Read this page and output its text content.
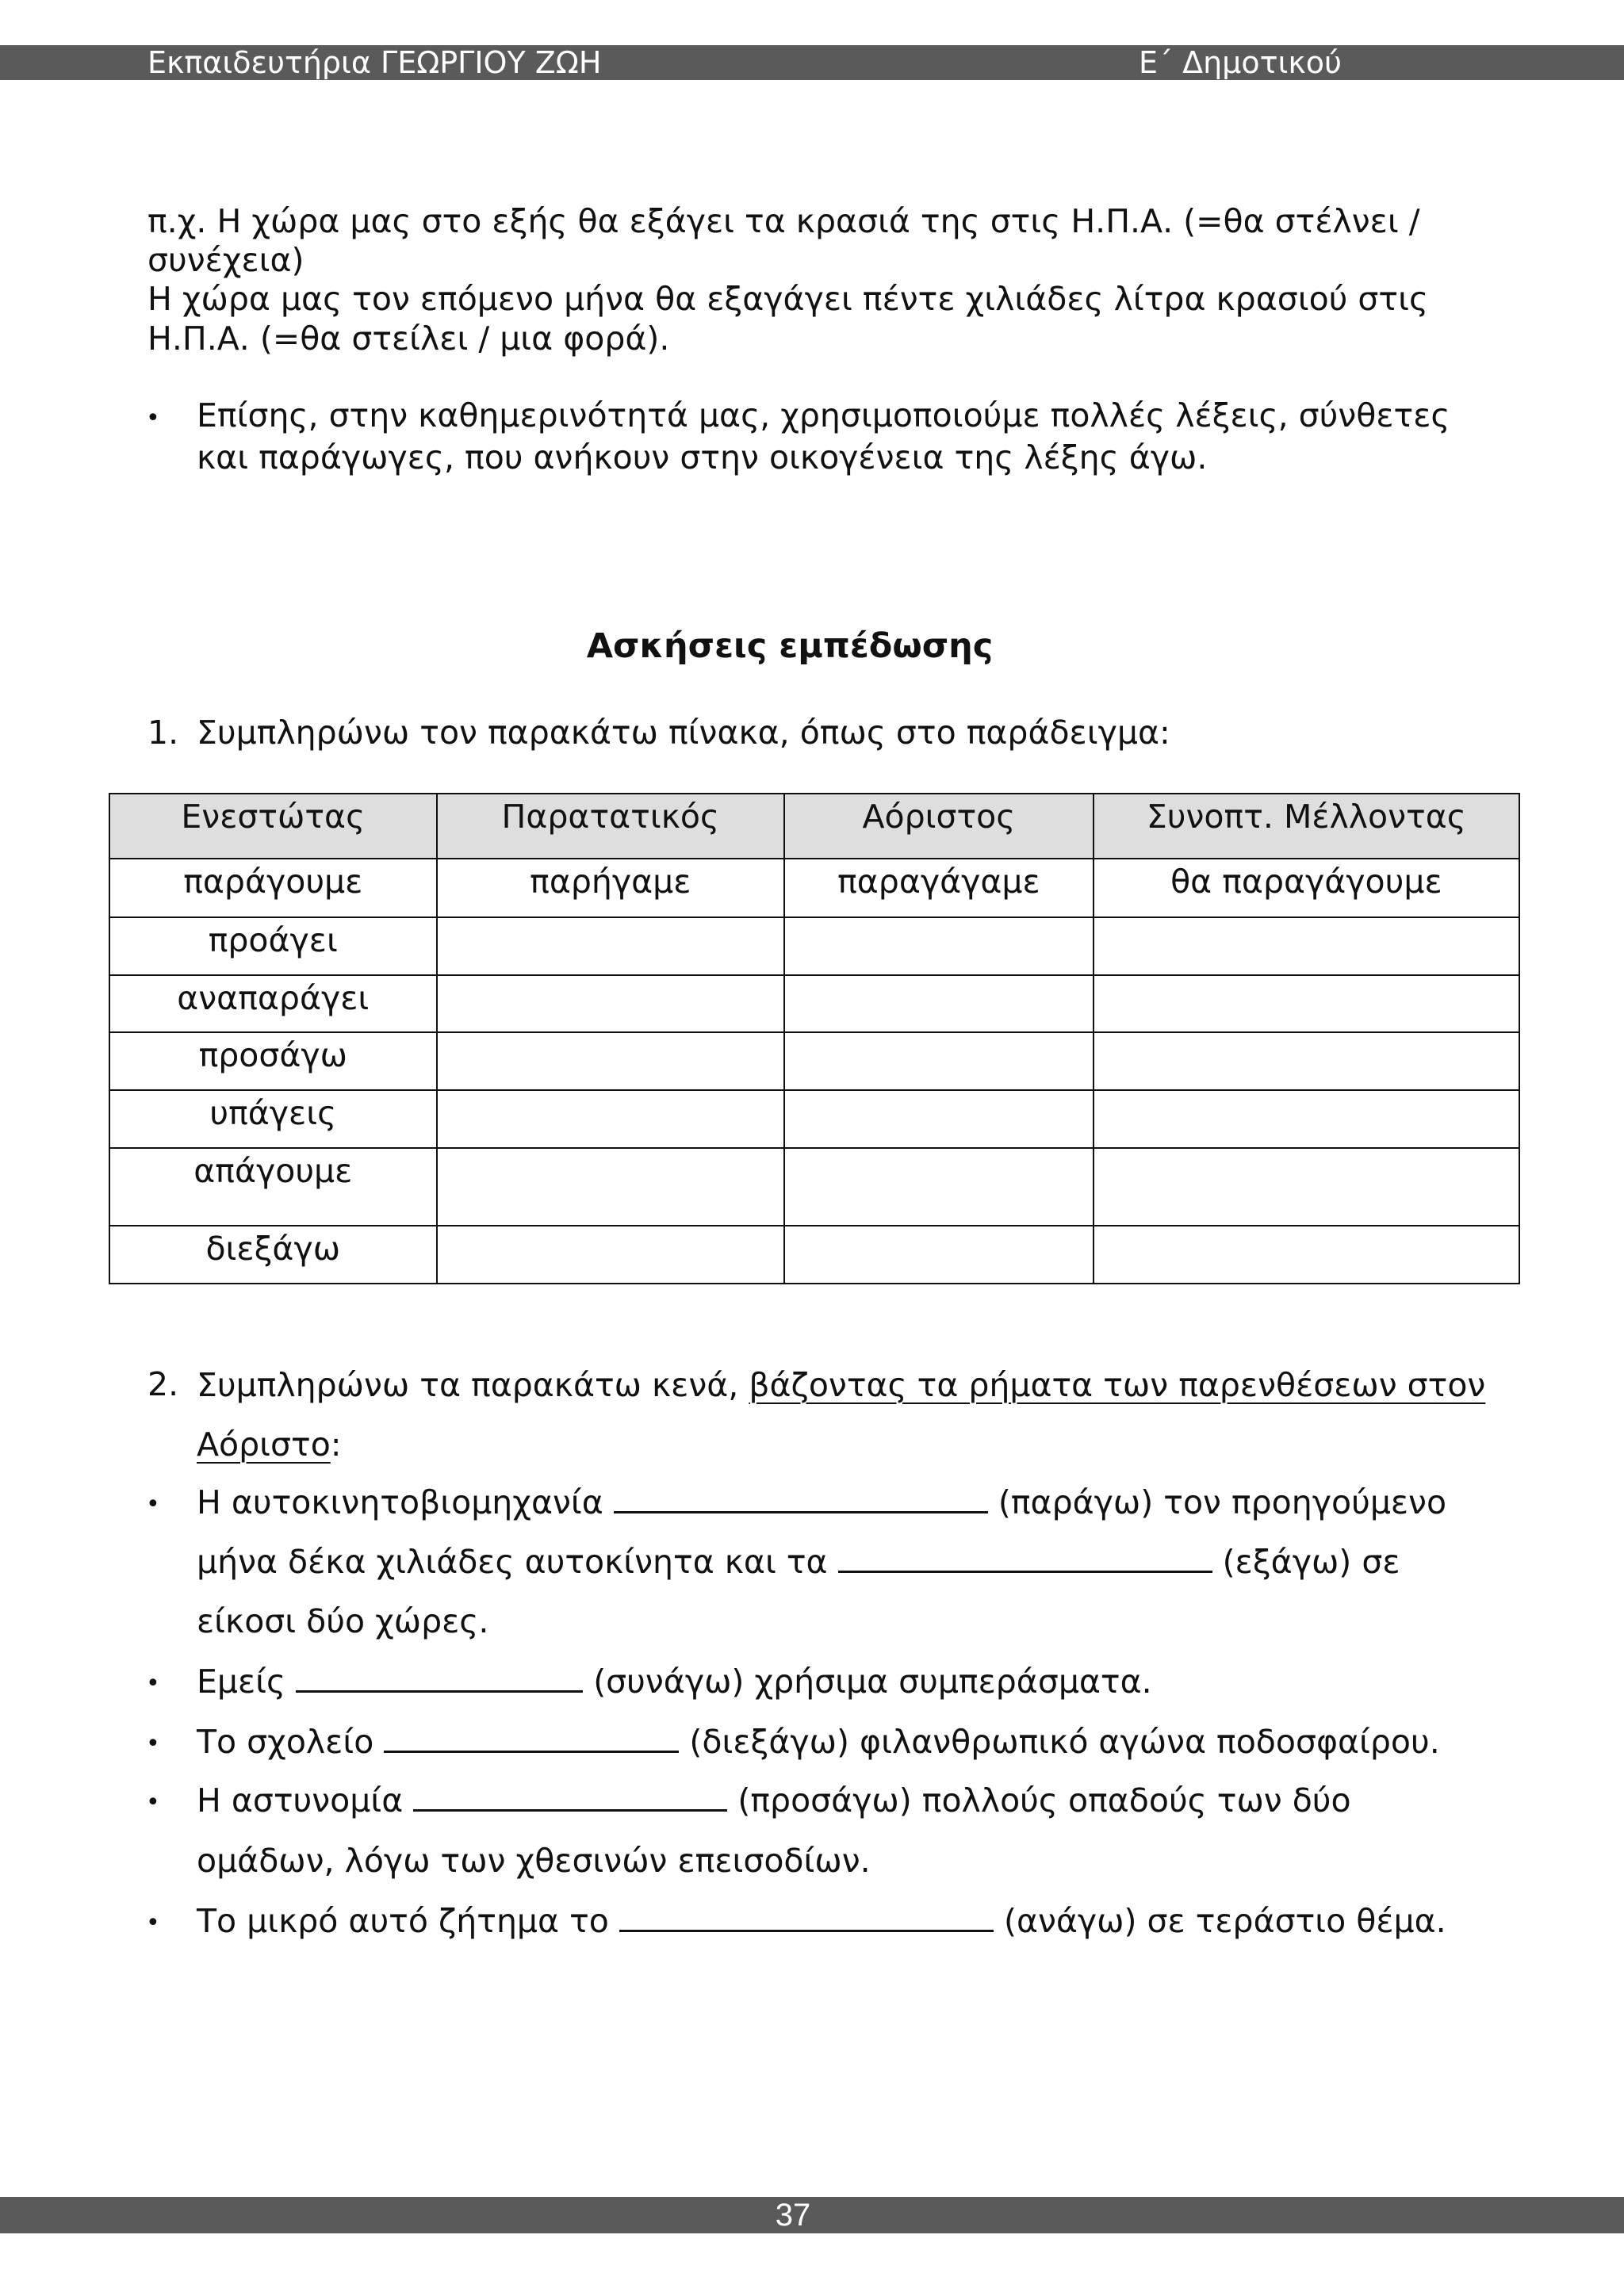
Εκπαιδευτήρια ΓΕΩΡΓΙΟΥ ΖΩΗ	Ε΄ Δημοτικού
π.χ. Η χώρα μας στο εξής θα εξάγει τα κρασιά της στις Η.Π.Α. (=θα στέλνει /
συνέχεια)
Η χώρα μας τον επόμενο μήνα θα εξαγάγει πέντε χιλιάδες λίτρα κρασιού στις
Η.Π.Α. (=θα στείλει / μια φορά).
• Επίσης, στην καθημερινότητά μας, χρησιμοποιούμε πολλές λέξεις, σύνθετες
και παράγωγες, που ανήκουν στην οικογένεια της λέξης άγω.
Ασκήσεις εμπέδωσης
1. Συμπληρώνω τον παρακάτω πίνακα, όπως στο παράδειγμα:
Ενεστώτας	Παρατατικός	Αόριστος	Συνοπτ. Μέλλοντας
παράγουμε	παρήγαμε	παραγάγαμε	θα παραγάγουμε
προάγει			
αναπαράγει			
προσάγω			
υπάγεις			
απάγουμε			
διεξάγω			
2. Συμπληρώνω τα παρακάτω κενά, βάζοντας τα ρήματα των παρενθέσεων στον
Αόριστο:
• Η αυτοκινητοβιομηχανία	(παράγω) τον προηγούμενο
μήνα δέκα χιλιάδες αυτοκίνητα και τα	(εξάγω) σε
είκοσι δύο χώρες.
• Εμείς	(συνάγω) χρήσιμα συμπεράσματα.
• Το σχολείο	(διεξάγω) φιλανθρωπικό αγώνα ποδοσφαίρου.
• Η αστυνομία	(προσάγω) πολλούς οπαδούς των δύο
ομάδων, λόγω των χθεσινών επεισοδίων.
• Το μικρό αυτό ζήτημα το	(ανάγω) σε τεράστιο θέμα.
37
